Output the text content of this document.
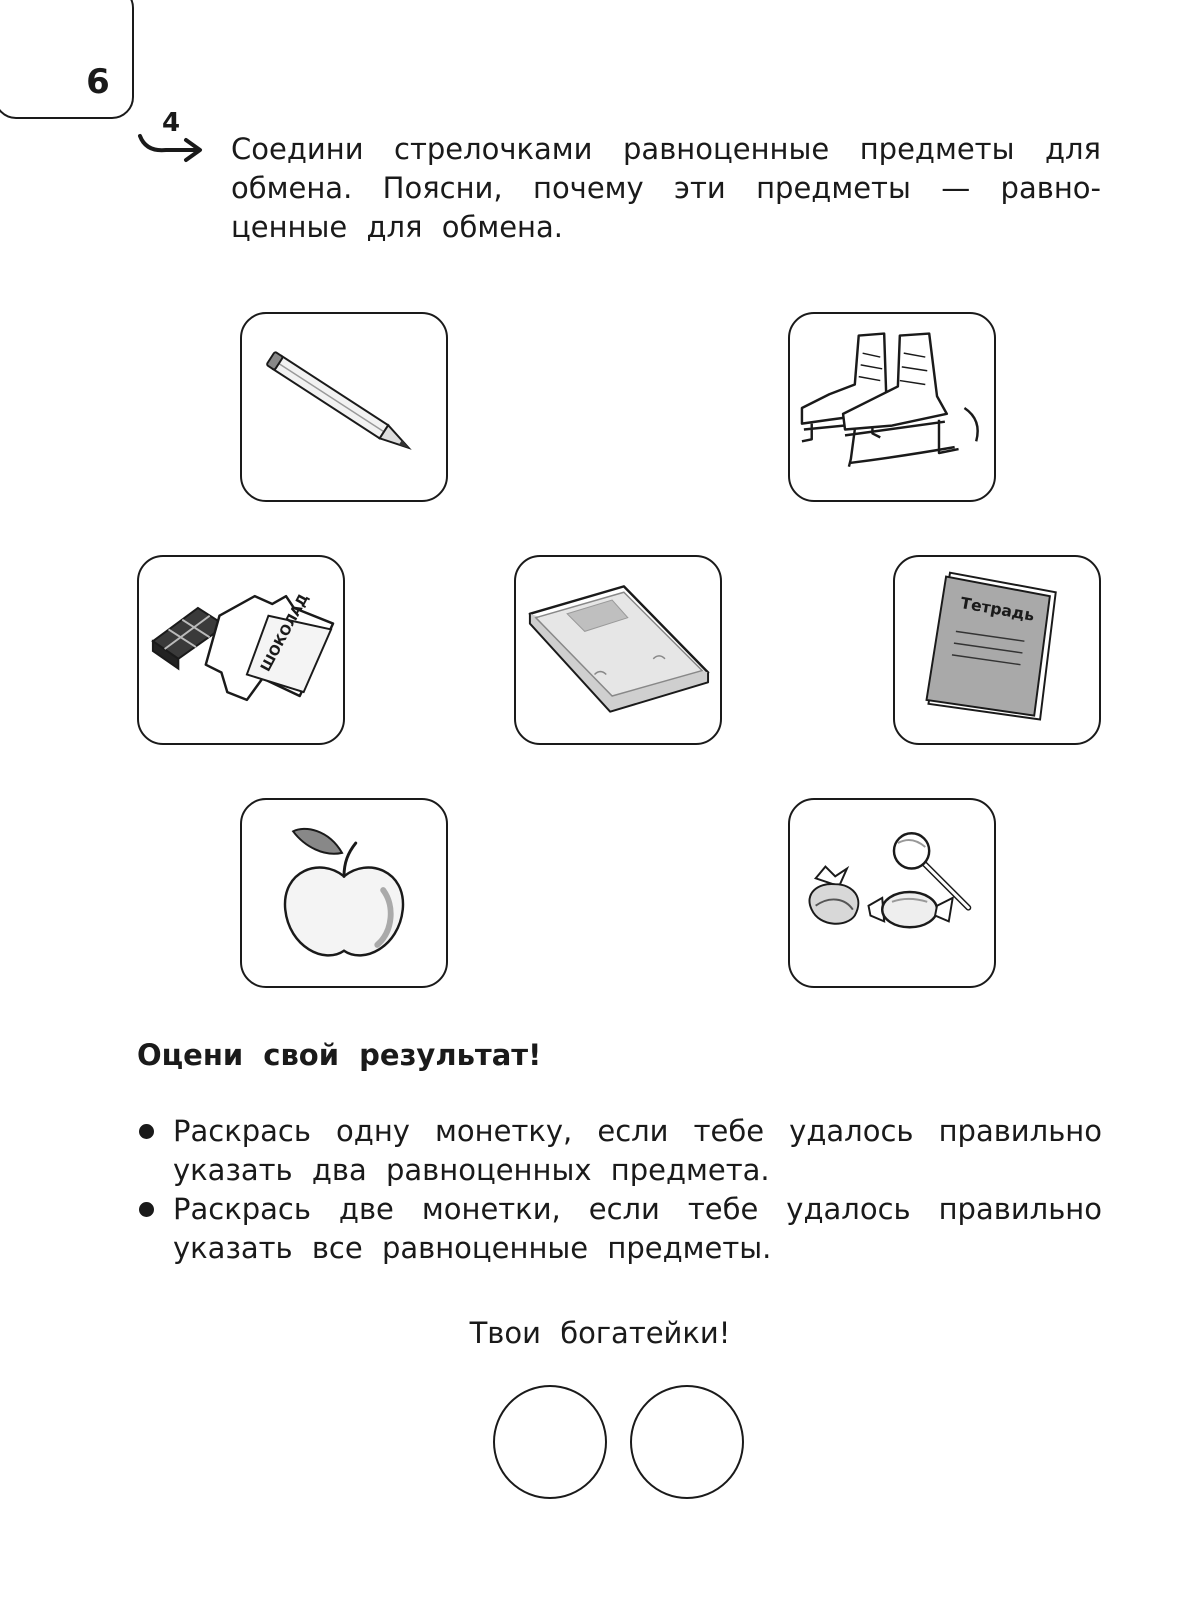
6
4
Соедини стрелочками равноценные предметы для обмена. Поясни, почему эти предметы — равно-ценные для обмена.
ШОКОЛАД	Тетрадь
Оцени свой результат!
Раскрась одну монетку, если тебе удалось правильно указать два равноценных предмета.
Раскрась две монетки, если тебе удалось правильно указать все равноценные предметы.
Твои богатейки!
